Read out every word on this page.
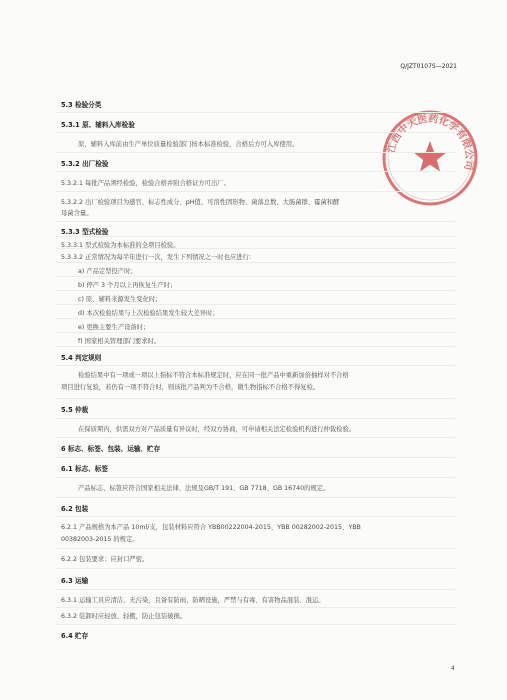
Q/JZT0107S—2021
5.3 检验分类
5.3.1 原、辅料入库检验
原、辅料入库前由生产单位质量检验部门按本标准检验，合格后方可入库使用。
5.3.2 出厂检验
5.3.2.1 每批产品须经检验，检验合格并附合格证方可出厂。
5.3.2.2 出厂检验项目为感官、标志性成分、pH值、可溶性固形物、菌落总数、大肠菌群、霉菌和酵
母菌含量。
5.3.3 型式检验
5.3.3.1 型式检验为本标准的全项目检验。
5.3.3.2 正常情况为每半年进行一次，发生下列情况之一时也应进行：
a) 产品定型投产时；
b) 停产 3 个月以上再恢复生产时；
c) 原、辅料来源发生变化时；
d) 本次检验结果与上次检验结果发生较大差异时；
e) 更换主要生产设备时；
f) 国家相关管理部门要求时。
5.4 判定规则
检验结果中有一项或一项以上指标不符合本标准规定时，应在同一批产品中重新加倍抽样对不合格
项目进行复验，若仍有一项不符合时，则该批产品判为不合格，微生物指标不合格不得复检。
5.5 仲裁
在保质期内，供需双方对产品质量有异议时，经双方协商，可申请相关法定检验机构进行仲裁检验。
6 标志、标签、包装、运输、贮存
6.1 标志、标签
产品标志、标签应符合国家相关法律、法规及GB/T 191、GB 7718、GB 16740的规定。
6.2 包装
6.2.1 产品规格为本产品 10ml/支，包装材料应符合 YBB00222004-2015、YBB 00282002-2015、YBB
00382003-2015 的规定。
6.2.2 包装要求：应封口严密。
6.3 运输
6.3.1 运输工具应清洁、无污染，且备有防雨、防晒设施，严禁与有毒、有害物品混装、混运。
6.3.2 装卸时应轻放、轻搬，防止包装破损。
6.4 贮存
江西中天医药化学有限公司
4
